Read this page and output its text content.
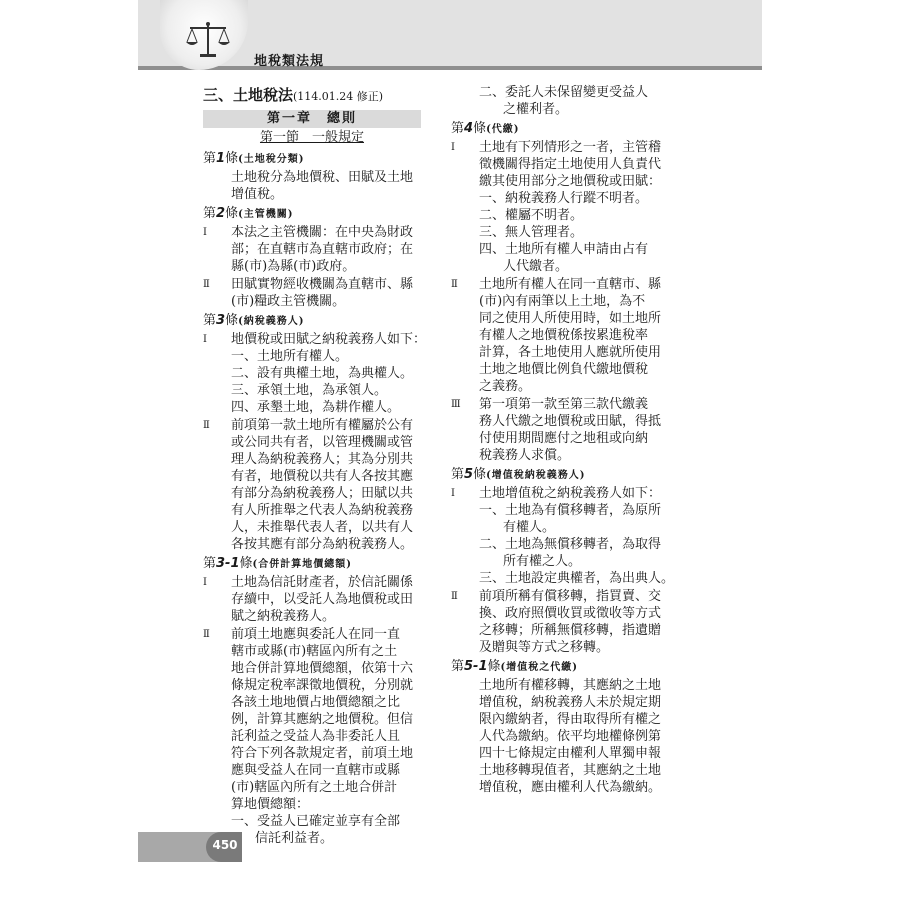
地稅類法規
450
三、土地稅法(114.01.24 修正)
第一章　總則
第一節　一般規定
第1條(土地稅分類)
土地稅分為地價稅、田賦及土地
增值稅。
第2條(主管機關)
Ⅰ 本法之主管機關：在中央為財政
部；在直轄市為直轄市政府；在
縣(市)為縣(市)政府。
Ⅱ 田賦實物經收機關為直轄市、縣
(市)糧政主管機關。
第3條(納稅義務人)
Ⅰ 地價稅或田賦之納稅義務人如下：
一、土地所有權人。
二、設有典權土地，為典權人。
三、承領土地，為承領人。
四、承墾土地，為耕作權人。
Ⅱ 前項第一款土地所有權屬於公有
或公同共有者，以管理機關或管
理人為納稅義務人；其為分別共
有者，地價稅以共有人各按其應
有部分為納稅義務人；田賦以共
有人所推舉之代表人為納稅義務
人，未推舉代表人者，以共有人
各按其應有部分為納稅義務人。
第3-1條(合併計算地價總額)
Ⅰ 土地為信託財產者，於信託關係
存續中，以受託人為地價稅或田
賦之納稅義務人。
Ⅱ 前項土地應與委託人在同一直
轄市或縣(市)轄區內所有之土
地合併計算地價總額，依第十六
條規定稅率課徵地價稅，分別就
各該土地地價占地價總額之比
例，計算其應納之地價稅。但信
託利益之受益人為非委託人且
符合下列各款規定者，前項土地
應與受益人在同一直轄市或縣
(市)轄區內所有之土地合併計
算地價總額：
一、受益人已確定並享有全部
信託利益者。
二、委託人未保留變更受益人
之權利者。
第4條(代繳)
Ⅰ 土地有下列情形之一者，主管稽
徵機關得指定土地使用人負責代
繳其使用部分之地價稅或田賦：
一、納稅義務人行蹤不明者。
二、權屬不明者。
三、無人管理者。
四、土地所有權人申請由占有
人代繳者。
Ⅱ 土地所有權人在同一直轄市、縣
(市)內有兩筆以上土地，為不
同之使用人所使用時，如土地所
有權人之地價稅係按累進稅率
計算，各土地使用人應就所使用
土地之地價比例負代繳地價稅
之義務。
Ⅲ 第一項第一款至第三款代繳義
務人代繳之地價稅或田賦，得抵
付使用期間應付之地租或向納
稅義務人求償。
第5條(增值稅納稅義務人)
Ⅰ 土地增值稅之納稅義務人如下：
一、土地為有償移轉者，為原所
有權人。
二、土地為無償移轉者，為取得
所有權之人。
三、土地設定典權者，為出典人。
Ⅱ 前項所稱有償移轉，指買賣、交
換、政府照價收買或徵收等方式
之移轉；所稱無償移轉，指遺贈
及贈與等方式之移轉。
第5-1條(增值稅之代繳)
土地所有權移轉，其應納之土地
增值稅，納稅義務人未於規定期
限內繳納者，得由取得所有權之
人代為繳納。依平均地權條例第
四十七條規定由權利人單獨申報
土地移轉現值者，其應納之土地
增值稅，應由權利人代為繳納。
